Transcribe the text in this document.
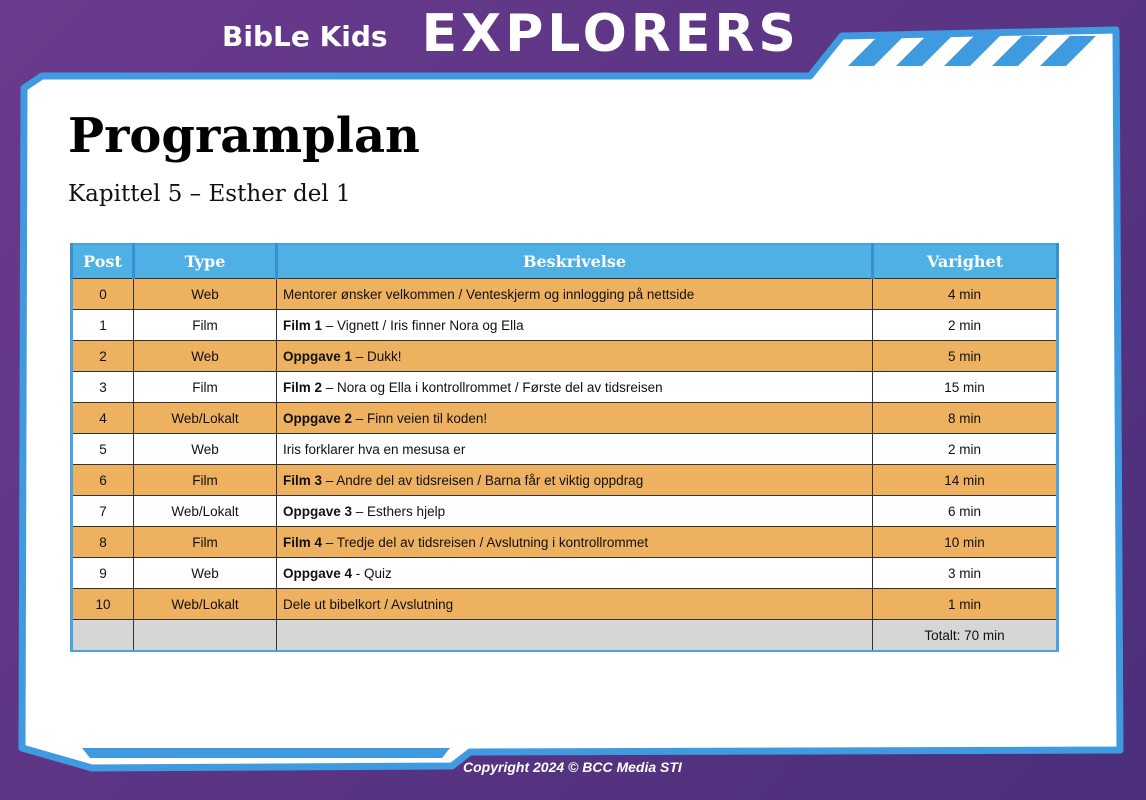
BibLe Kids EXPLORERS
Programplan
Kapittel 5 – Esther del 1
Post	Type	Beskrivelse	Varighet
0	Web	Mentorer ønsker velkommen / Venteskjerm og innlogging på nettside	4 min
1	Film	Film 1 – Vignett / Iris finner Nora og Ella	2 min
2	Web	Oppgave 1 – Dukk!	5 min
3	Film	Film 2 – Nora og Ella i kontrollrommet / Første del av tidsreisen	15 min
4	Web/Lokalt	Oppgave 2 – Finn veien til koden!	8 min
5	Web	Iris forklarer hva en mesusa er	2 min
6	Film	Film 3 – Andre del av tidsreisen / Barna får et viktig oppdrag	14 min
7	Web/Lokalt	Oppgave 3 – Esthers hjelp	6 min
8	Film	Film 4 – Tredje del av tidsreisen / Avslutning i kontrollrommet	10 min
9	Web	Oppgave 4 - Quiz	3 min
10	Web/Lokalt	Dele ut bibelkort / Avslutning	1 min
			Totalt: 70 min
Copyright 2024 © BCC Media STI
